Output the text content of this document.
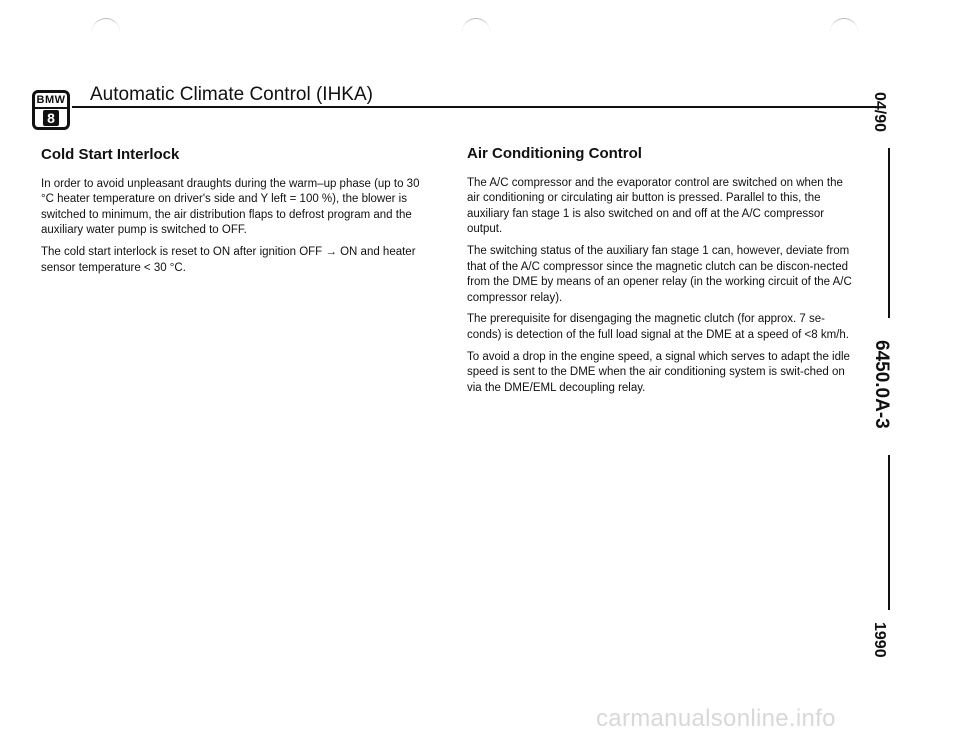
BMW
8
Automatic Climate Control (IHKA)	04/90
6450.0A-3
1990
Cold Start Interlock

In order to avoid unpleasant draughts during the warm–up phase (up to 30 °C heater temperature on driver's side and Y left = 100 %), the blower is switched to minimum, the air distribution flaps to defrost program and the auxiliary water pump is switched to OFF.

The cold start interlock is reset to ON after ignition OFF → ON and heater sensor temperature < 30 °C.

Air Conditioning Control

The A/C compressor and the evaporator control are switched on when the air conditioning or circulating air button is pressed. Parallel to this, the auxiliary fan stage 1 is also switched on and off at the A/C compressor output.

The switching status of the auxiliary fan stage 1 can, however, deviate from that of the A/C compressor since the magnetic clutch can be discon-nected from the DME by means of an opener relay (in the working circuit of the A/C compressor relay).

The prerequisite for disengaging the magnetic clutch (for approx. 7 se-conds) is detection of the full load signal at the DME at a speed of <8 km/h.

To avoid a drop in the engine speed, a signal which serves to adapt the idle speed is sent to the DME when the air conditioning system is swit-ched on via the DME/EML decoupling relay.

carmanualsonline.info
